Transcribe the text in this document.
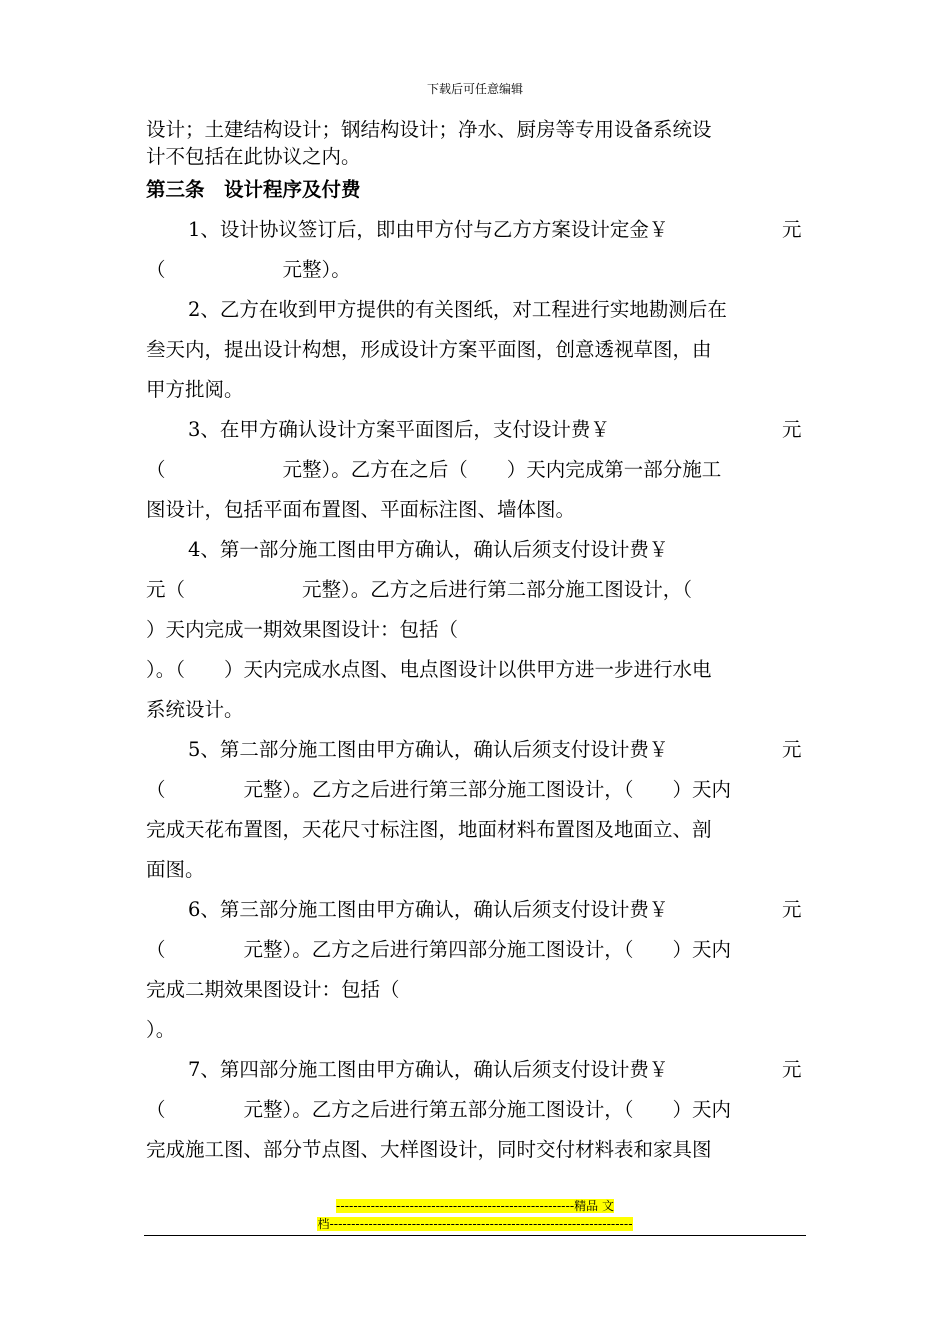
下载后可任意编辑
设计；土建结构设计；钢结构设计；净水、厨房等专用设备系统设
计不包括在此协议之内。
第三条　设计程序及付费
1、设计协议签订后，即由甲方付与乙方方案设计定金￥	元
（　　　　　　元整）。
2、乙方在收到甲方提供的有关图纸，对工程进行实地勘测后在
叁天内，提出设计构想，形成设计方案平面图，创意透视草图，由
甲方批阅。
3、在甲方确认设计方案平面图后，支付设计费￥	元
（　　　　　　元整）。乙方在之后（　　）天内完成第一部分施工
图设计，包括平面布置图、平面标注图、墙体图。
4、第一部分施工图由甲方确认，确认后须支付设计费￥
元（　　　　　　元整）。乙方之后进行第二部分施工图设计，（
）天内完成一期效果图设计：包括（
）。（　　）天内完成水点图、电点图设计以供甲方进一步进行水电
系统设计。
5、第二部分施工图由甲方确认，确认后须支付设计费￥	元
（　　　　元整）。乙方之后进行第三部分施工图设计，（　　）天内
完成天花布置图，天花尺寸标注图，地面材料布置图及地面立、剖
面图。
6、第三部分施工图由甲方确认，确认后须支付设计费￥	元
（　　　　元整）。乙方之后进行第四部分施工图设计，（　　）天内
完成二期效果图设计：包括（
）。
7、第四部分施工图由甲方确认，确认后须支付设计费￥	元
（　　　　元整）。乙方之后进行第五部分施工图设计，（　　）天内
完成施工图、部分节点图、大样图设计，同时交付材料表和家具图
-------------------------------------------------------精品 文
档----------------------------------------------------------------------
